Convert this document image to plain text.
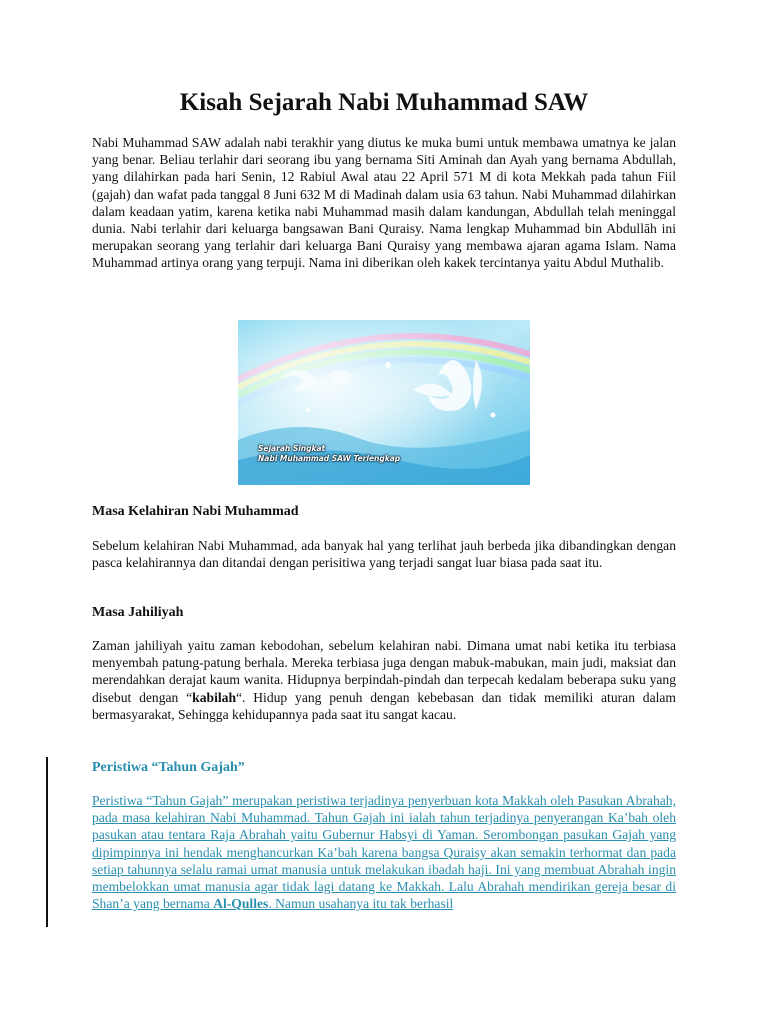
Kisah Sejarah Nabi Muhammad SAW

Nabi Muhammad SAW adalah nabi terakhir yang diutus ke muka bumi untuk membawa umatnya ke jalan yang benar. Beliau terlahir dari seorang ibu yang bernama Siti Aminah dan Ayah yang bernama Abdullah, yang dilahirkan pada hari Senin, 12 Rabiul Awal atau 22 April 571 M di kota Mekkah pada tahun Fiil (gajah) dan wafat pada tanggal 8 Juni 632 M di Madinah dalam usia 63 tahun. Nabi Muhammad dilahirkan dalam keadaan yatim, karena ketika nabi Muhammad masih dalam kandungan, Abdullah telah meninggal dunia. Nabi terlahir dari keluarga bangsawan Bani Quraisy. Nama lengkap Muhammad bin Abdullāh ini merupakan seorang yang terlahir dari keluarga Bani Quraisy yang membawa ajaran agama Islam. Nama Muhammad artinya orang yang terpuji. Nama ini diberikan oleh kakek tercintanya yaitu Abdul Muthalib.

Sejarah Singkat
Nabi Muhammad SAW Terlengkap
Masa Kelahiran Nabi Muhammad

Sebelum kelahiran Nabi Muhammad, ada banyak hal yang terlihat jauh berbeda jika dibandingkan dengan pasca kelahirannya dan ditandai dengan perisitiwa yang terjadi sangat luar biasa pada saat itu.

Masa Jahiliyah

Zaman jahiliyah yaitu zaman kebodohan, sebelum kelahiran nabi. Dimana umat nabi ketika itu terbiasa menyembah patung-patung berhala. Mereka terbiasa juga dengan mabuk-mabukan, main judi, maksiat dan merendahkan derajat kaum wanita. Hidupnya berpindah-pindah dan terpecah kedalam beberapa suku yang disebut dengan “kabilah“. Hidup yang penuh dengan kebebasan dan tidak memiliki aturan dalam bermasyarakat, Sehingga kehidupannya pada saat itu sangat kacau.

Peristiwa “Tahun Gajah”

Peristiwa “Tahun Gajah” merupakan peristiwa terjadinya penyerbuan kota Makkah oleh Pasukan Abrahah, pada masa kelahiran Nabi Muhammad. Tahun Gajah ini ialah tahun terjadinya penyerangan Ka’bah oleh pasukan atau tentara Raja Abrahah yaitu Gubernur Habsyi di Yaman. Serombongan pasukan Gajah yang dipimpinnya ini hendak menghancurkan Ka’bah karena bangsa Quraisy akan semakin terhormat dan pada setiap tahunnya selalu ramai umat manusia untuk melakukan ibadah haji. Ini yang membuat Abrahah ingin membelokkan umat manusia agar tidak lagi datang ke Makkah. Lalu Abrahah mendirikan gereja besar di Shan’a yang bernama Al-Qulles. Namun usahanya itu tak berhasil
